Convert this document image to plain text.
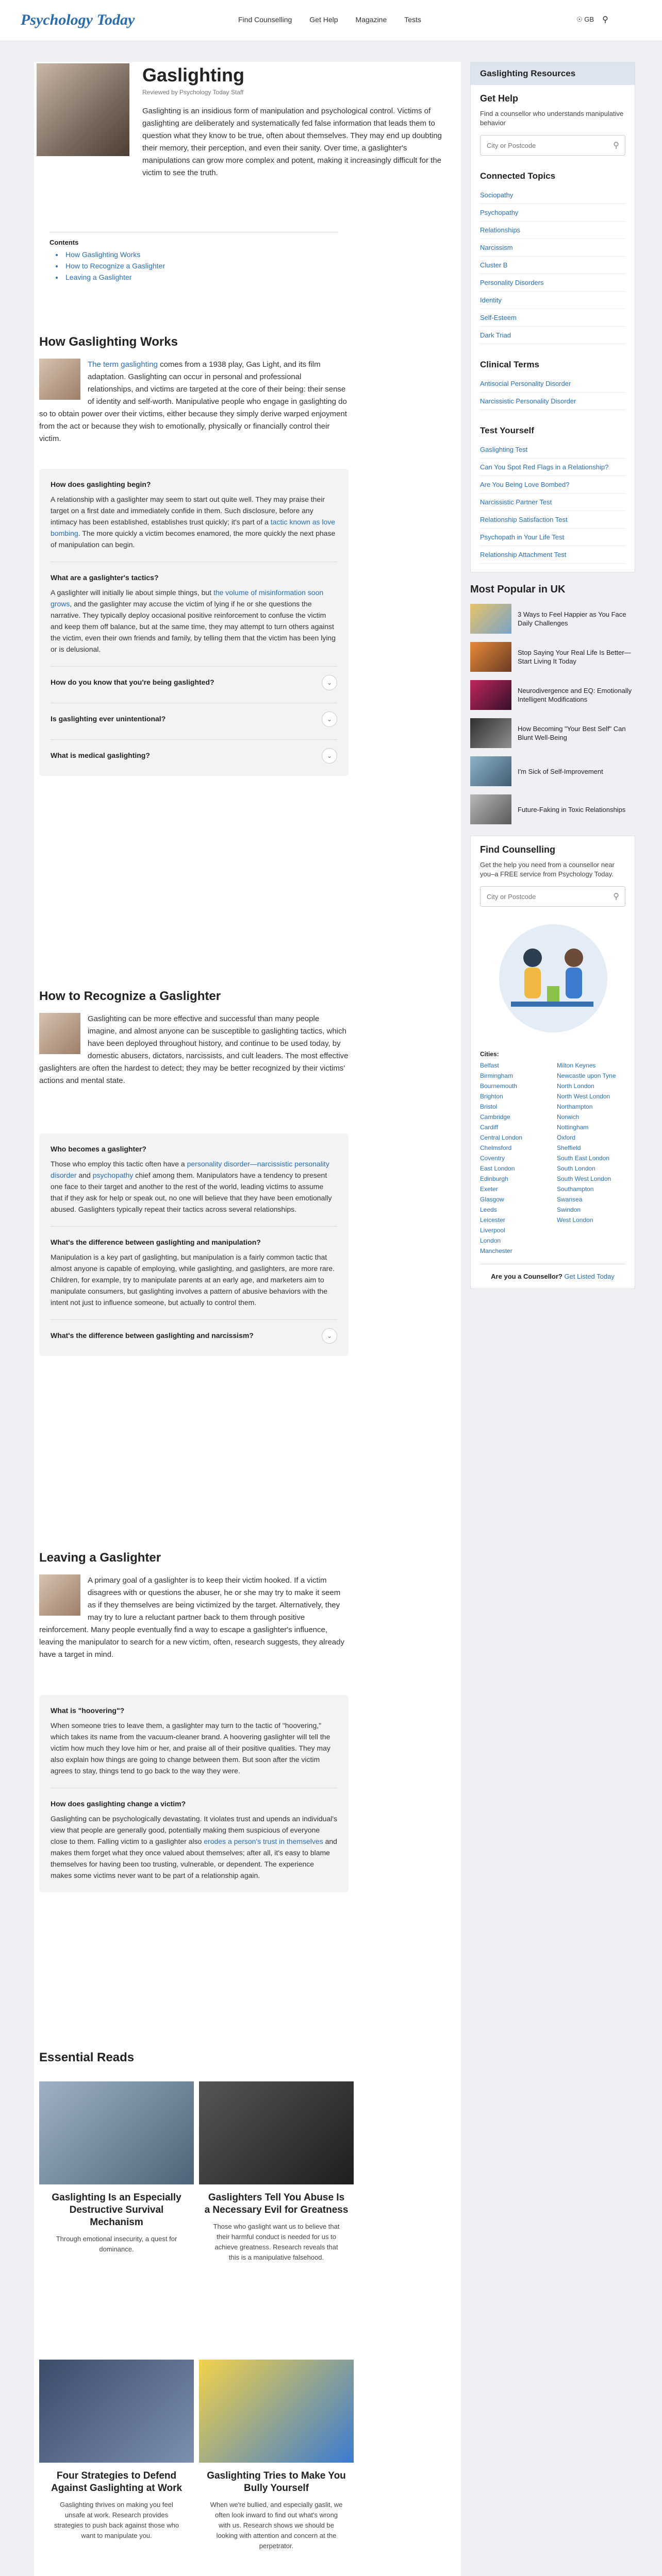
Psychology Today	Find Counselling Get Help Magazine Tests	☉ GB ⚲
Gaslighting
Reviewed by Psychology Today Staff
Gaslighting is an insidious form of manipulation and psychological control. Victims of gaslighting are deliberately and systematically fed false information that leads them to question what they know to be true, often about themselves. They may end up doubting their memory, their perception, and even their sanity. Over time, a gaslighter's manipulations can grow more complex and potent, making it increasingly difficult for the victim to see the truth.
Contents
• How Gaslighting Works
• How to Recognize a Gaslighter
• Leaving a Gaslighter
How Gaslighting Works
The term gaslighting comes from a 1938 play, Gas Light, and its film adaptation. Gaslighting can occur in personal and professional relationships, and victims are targeted at the core of their being: their sense of identity and self-worth. Manipulative people who engage in gaslighting do so to obtain power over their victims, either because they simply derive warped enjoyment from the act or because they wish to emotionally, physically or financially control their victim.
How does gaslighting begin?
A relationship with a gaslighter may seem to start out quite well. They may praise their target on a first date and immediately confide in them. Such disclosure, before any intimacy has been established, establishes trust quickly; it's part of a tactic known as love bombing. The more quickly a victim becomes enamored, the more quickly the next phase of manipulation can begin.
What are a gaslighter's tactics?
A gaslighter will initially lie about simple things, but the volume of misinformation soon grows, and the gaslighter may accuse the victim of lying if he or she questions the narrative. They typically deploy occasional positive reinforcement to confuse the victim and keep them off balance, but at the same time, they may attempt to turn others against the victim, even their own friends and family, by telling them that the victim has been lying or is delusional.
How do you know that you're being gaslighted?	⌄
Is gaslighting ever unintentional?	⌄
What is medical gaslighting?	⌄
How to Recognize a Gaslighter
Gaslighting can be more effective and successful than many people imagine, and almost anyone can be susceptible to gaslighting tactics, which have been deployed throughout history, and continue to be used today, by domestic abusers, dictators, narcissists, and cult leaders. The most effective gaslighters are often the hardest to detect; they may be better recognized by their victims' actions and mental state.
Who becomes a gaslighter?
Those who employ this tactic often have a personality disorder—narcissistic personality disorder and psychopathy chief among them. Manipulators have a tendency to present one face to their target and another to the rest of the world, leading victims to assume that if they ask for help or speak out, no one will believe that they have been emotionally abused. Gaslighters typically repeat their tactics across several relationships.
What's the difference between gaslighting and manipulation?
Manipulation is a key part of gaslighting, but manipulation is a fairly common tactic that almost anyone is capable of employing, while gaslighting, and gaslighters, are more rare. Children, for example, try to manipulate parents at an early age, and marketers aim to manipulate consumers, but gaslighting involves a pattern of abusive behaviors with the intent not just to influence someone, but actually to control them.
What's the difference between gaslighting and narcissism?	⌄
Leaving a Gaslighter
A primary goal of a gaslighter is to keep their victim hooked. If a victim disagrees with or questions the abuser, he or she may try to make it seem as if they themselves are being victimized by the target. Alternatively, they may try to lure a reluctant partner back to them through positive reinforcement. Many people eventually find a way to escape a gaslighter's influence, leaving the manipulator to search for a new victim, often, research suggests, they already have a target in mind.
What is "hoovering"?
When someone tries to leave them, a gaslighter may turn to the tactic of "hoovering," which takes its name from the vacuum-cleaner brand. A hoovering gaslighter will tell the victim how much they love him or her, and praise all of their positive qualities. They may also explain how things are going to change between them. But soon after the victim agrees to stay, things tend to go back to the way they were.
How does gaslighting change a victim?
Gaslighting can be psychologically devastating. It violates trust and upends an individual's view that people are generally good, potentially making them suspicious of everyone close to them. Falling victim to a gaslighter also erodes a person's trust in themselves and makes them forget what they once valued about themselves; after all, it's easy to blame themselves for having been too trusting, vulnerable, or dependent. The experience makes some victims never want to be part of a relationship again.
Essential Reads
Gaslighting Is an Especially Destructive Survival Mechanism
Through emotional insecurity, a quest for dominance.
Gaslighters Tell You Abuse Is a Necessary Evil for Greatness
Those who gaslight want us to believe that their harmful conduct is needed for us to achieve greatness. Research reveals that this is a manipulative falsehood.
Four Strategies to Defend Against Gaslighting at Work
Gaslighting thrives on making you feel unsafe at work. Research provides strategies to push back against those who want to manipulate you.
Gaslighting Tries to Make You Bully Yourself
When we're bullied, and especially gaslit, we often look inward to find out what's wrong with us. Research shows we should be looking with attention and concern at the perpetrator.
Gaslighting Resources
Get Help
Find a counsellor who understands manipulative behavior
City or Postcode
⚲
Connected Topics
Sociopathy
Psychopathy
Relationships
Narcissism
Cluster B
Personality Disorders
Identity
Self-Esteem
Dark Triad
Clinical Terms
Antisocial Personality Disorder
Narcissistic Personality Disorder
Test Yourself
Gaslighting Test
Can You Spot Red Flags in a Relationship?
Are You Being Love Bombed?
Narcissistic Partner Test
Relationship Satisfaction Test
Psychopath in Your Life Test
Relationship Attachment Test
Most Popular in UK
3 Ways to Feel Happier as You Face Daily Challenges
Stop Saying Your Real Life Is Better—Start Living It Today
Neurodivergence and EQ: Emotionally Intelligent Modifications
How Becoming "Your Best Self" Can Blunt Well-Being
I'm Sick of Self-Improvement
Future-Faking in Toxic Relationships
Find Counselling
Get the help you need from a counsellor near you–a FREE service from Psychology Today.
City or Postcode
⚲
Cities:
Belfast	Milton Keynes
Birmingham	Newcastle upon Tyne
Bournemouth	North London
Brighton	North West London
Bristol	Northampton
Cambridge	Norwich
Cardiff	Nottingham
Central London	Oxford
Chelmsford	Sheffield
Coventry	South East London
East London	South London
Edinburgh	South West London
Exeter	Southampton
Glasgow	Swansea
Leeds	Swindon
Leicester	West London
Liverpool
London
Manchester
Are you a Counsellor? Get Listed Today
